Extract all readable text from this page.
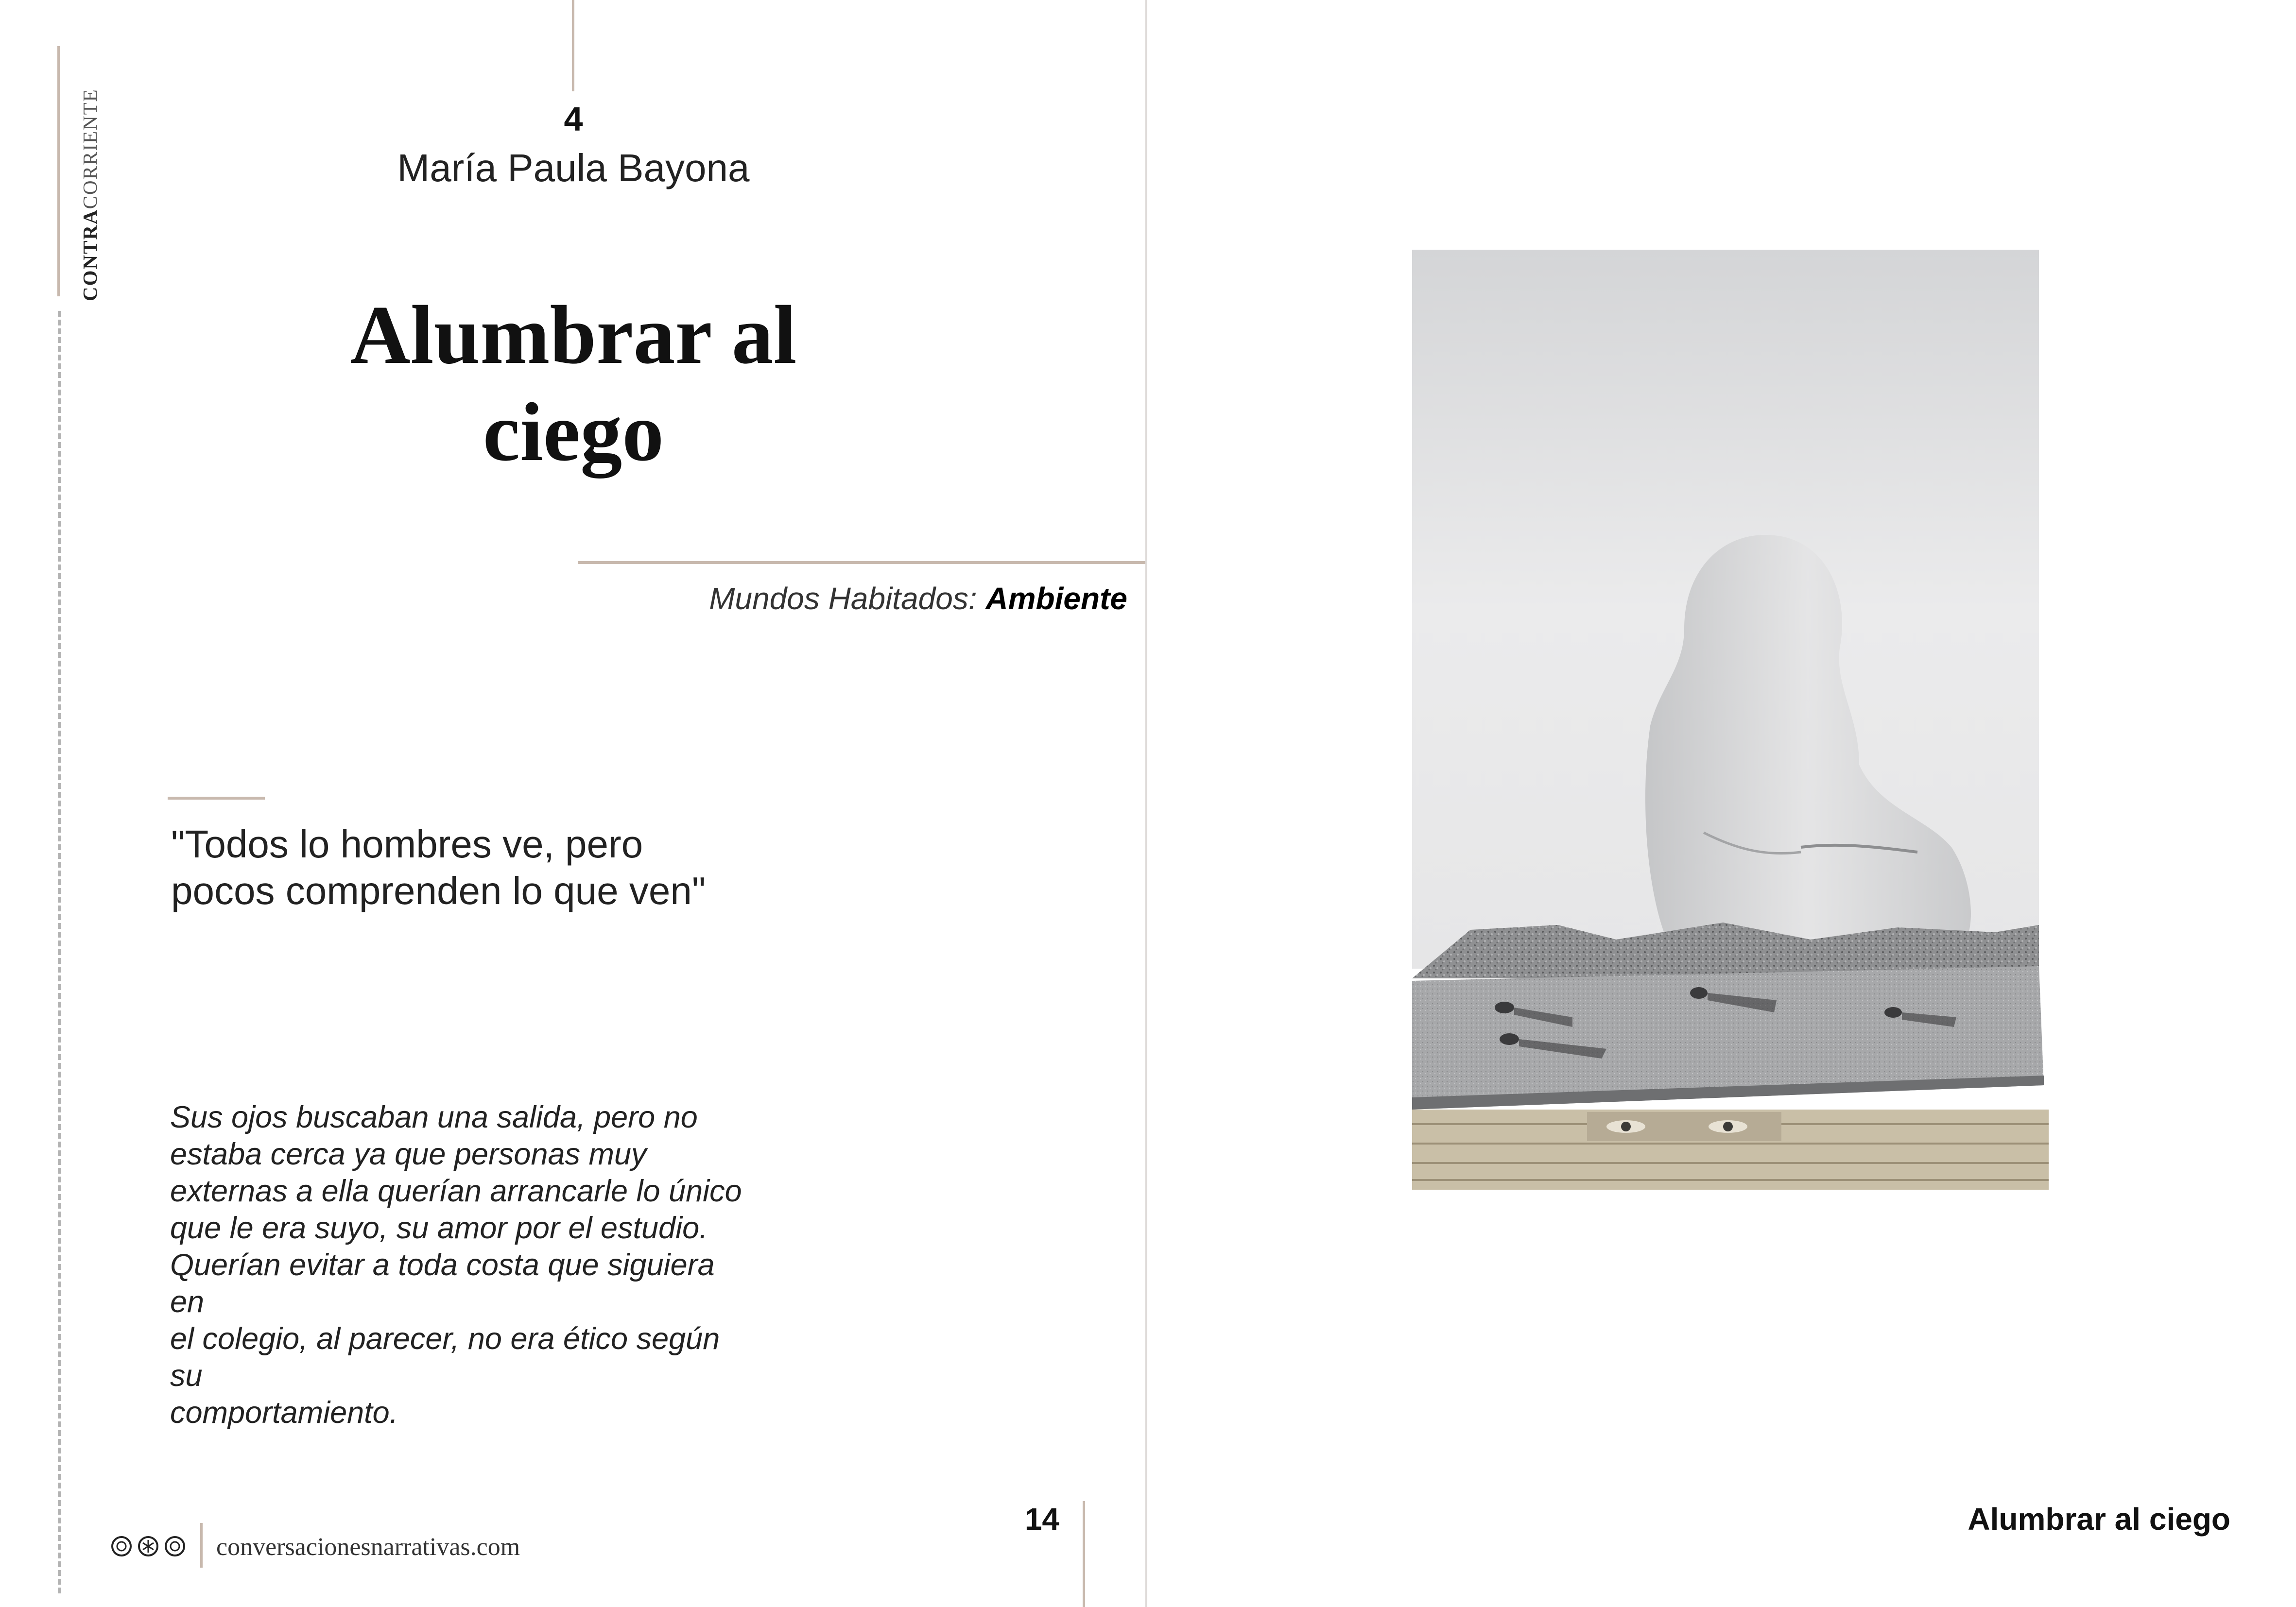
CONTRACORRIENTE	4
María Paula Bayona
Alumbrar al
ciego
Mundos Habitados: Ambiente
"Todos lo hombres ve, pero
pocos comprenden lo que ven"
Sus ojos buscaban una salida, pero no
estaba cerca ya que personas muy
externas a ella querían arrancarle lo único
que le era suyo, su amor por el estudio.
Querían evitar a toda costa que siguiera en
el colegio, al parecer, no era ético según su
comportamiento.
conversacionesnarrativas.com
14	Alumbrar al ciego
